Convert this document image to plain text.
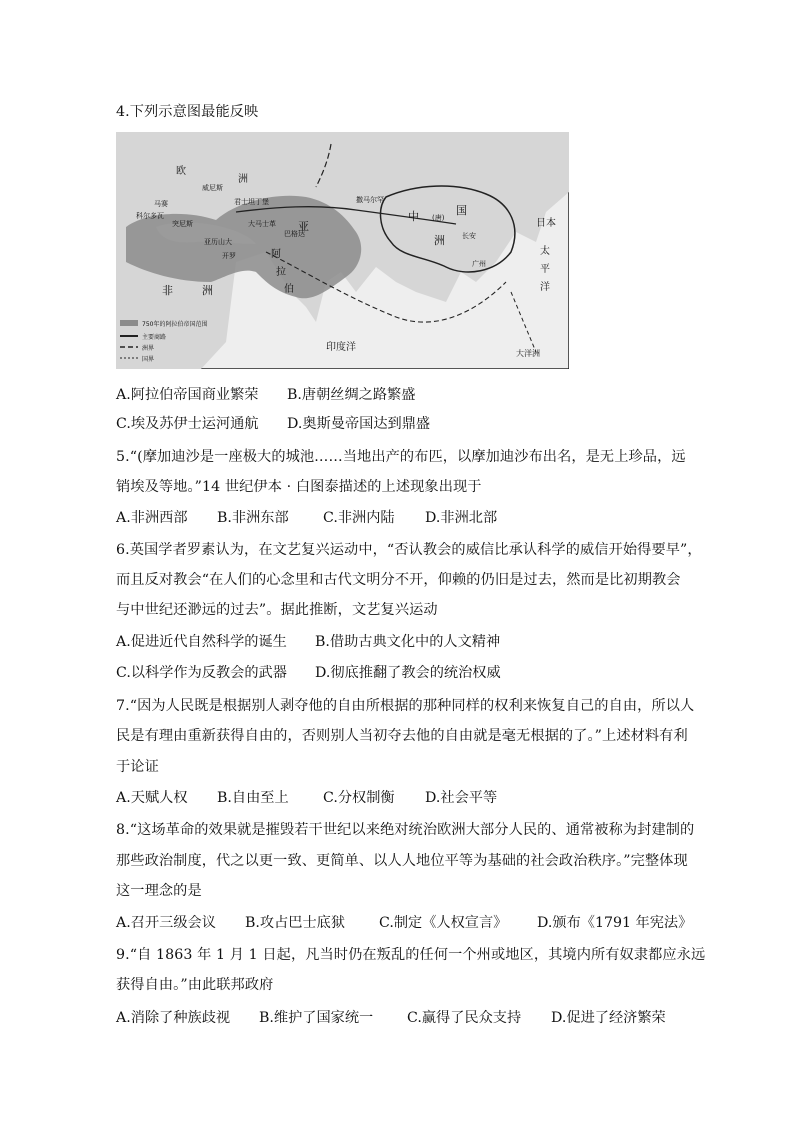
4.下列示意图最能反映
欧
洲
威尼斯
马赛
突尼斯
君士坦丁堡
大马士革
巴格达
亚历山大
开罗
科尔多瓦
阿
拉
伯
亚
非	洲
中	国
(唐)
洲 长安
广州
日本
撒马尔罕
印度洋
太
平
洋
大洋洲
750年的阿拉伯帝国范围
主要商路
洲界
国界
A.阿拉伯帝国商业繁荣 B.唐朝丝绸之路繁盛
C.埃及苏伊士运河通航 D.奥斯曼帝国达到鼎盛
5.“(摩加迪沙是一座极大的城池……当地出产的布匹，以摩加迪沙布出名，是无上珍品，远
销埃及等地。”14 世纪伊本 · 白图泰描述的上述现象出现于
A.非洲西部 B.非洲东部 C.非洲内陆 D.非洲北部
6.英国学者罗素认为，在文艺复兴运动中，“否认教会的威信比承认科学的威信开始得要早”，
而且反对教会“在人们的心念里和古代文明分不开，仰赖的仍旧是过去，然而是比初期教会
与中世纪还渺远的过去”。据此推断，文艺复兴运动
A.促进近代自然科学的诞生 B.借助古典文化中的人文精神
C.以科学作为反教会的武器 D.彻底推翻了教会的统治权威
7.“因为人民既是根据别人剥夺他的自由所根据的那种同样的权利来恢复自己的自由，所以人
民是有理由重新获得自由的，否则别人当初夺去他的自由就是毫无根据的了。”上述材料有利
于论证
A.天赋人权 B.自由至上 C.分权制衡 D.社会平等
8.“这场革命的效果就是摧毁若干世纪以来绝对统治欧洲大部分人民的、通常被称为封建制的
那些政治制度，代之以更一致、更简单、以人人地位平等为基础的社会政治秩序。”完整体现
这一理念的是
A.召开三级会议 B.攻占巴士底狱 C.制定《人权宣言》 D.颁布《1791 年宪法》
9.“自 1863 年 1 月 1 日起，凡当时仍在叛乱的任何一个州或地区，其境内所有奴隶都应永远
获得自由。”由此联邦政府
A.消除了种族歧视 B.维护了国家统一 C.赢得了民众支持 D.促进了经济繁荣
